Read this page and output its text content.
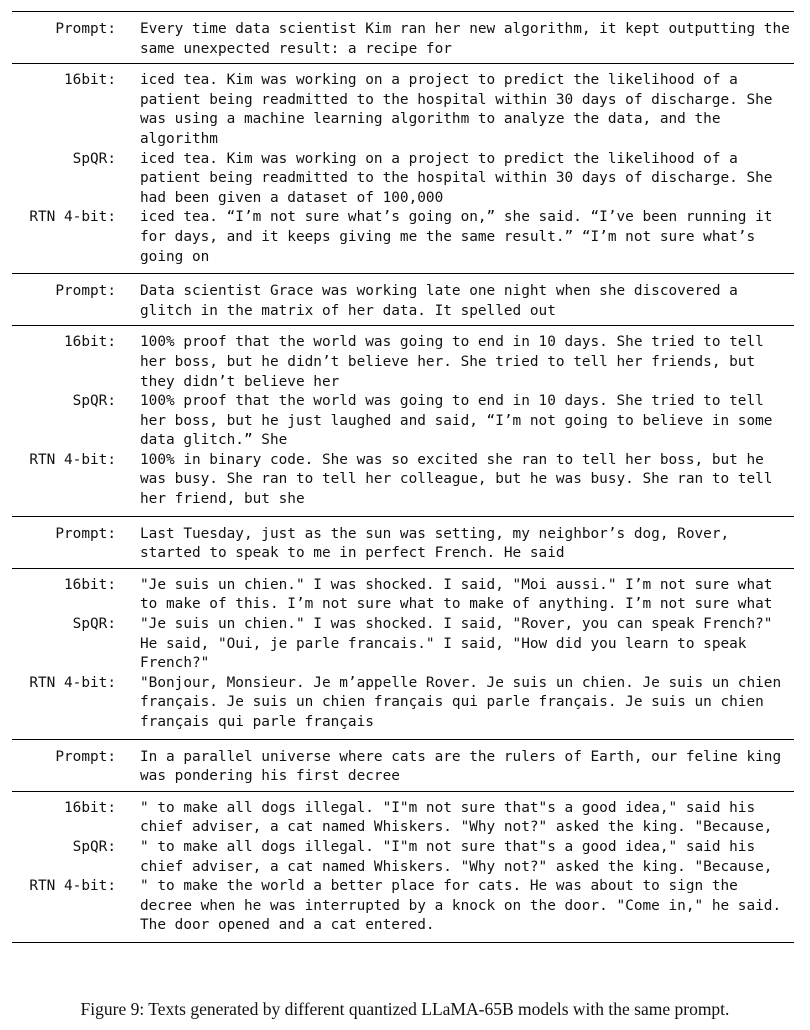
Prompt: Every time data scientist Kim ran her new algorithm, it kept outputting the same unexpected result: a recipe for
16bit: iced tea. Kim was working on a project to predict the likelihood of a patient being readmitted to the hospital within 30 days of discharge. She was using a machine learning algorithm to analyze the data, and the algorithm
SpQR: iced tea. Kim was working on a project to predict the likelihood of a patient being readmitted to the hospital within 30 days of discharge. She had been given a dataset of 100,000
RTN 4-bit: iced tea. “I’m not sure what’s going on,” she said. “I’ve been running it for days, and it keeps giving me the same result.” “I’m not sure what’s going on
Prompt: Data scientist Grace was working late one night when she discovered a glitch in the matrix of her data. It spelled out
16bit: 100% proof that the world was going to end in 10 days. She tried to tell her boss, but he didn’t believe her. She tried to tell her friends, but they didn’t believe her
SpQR: 100% proof that the world was going to end in 10 days. She tried to tell her boss, but he just laughed and said, “I’m not going to believe in some data glitch.” She
RTN 4-bit: 100% in binary code. She was so excited she ran to tell her boss, but he was busy. She ran to tell her colleague, but he was busy. She ran to tell her friend, but she
Prompt: Last Tuesday, just as the sun was setting, my neighbor’s dog, Rover, started to speak to me in perfect French. He said
16bit: "Je suis un chien." I was shocked. I said, "Moi aussi." I’m not sure what to make of this. I’m not sure what to make of anything. I’m not sure what
SpQR: "Je suis un chien." I was shocked. I said, "Rover, you can speak French?" He said, "Oui, je parle francais." I said, "How did you learn to speak French?"
RTN 4-bit: "Bonjour, Monsieur. Je m’appelle Rover. Je suis un chien. Je suis un chien français. Je suis un chien français qui parle français. Je suis un chien français qui parle français
Prompt: In a parallel universe where cats are the rulers of Earth, our feline king was pondering his first decree
16bit: " to make all dogs illegal. "I"m not sure that"s a good idea," said his chief adviser, a cat named Whiskers. "Why not?" asked the king. "Because,
SpQR: " to make all dogs illegal. "I"m not sure that"s a good idea," said his chief adviser, a cat named Whiskers. "Why not?" asked the king. "Because,
RTN 4-bit: " to make the world a better place for cats. He was about to sign the decree when he was interrupted by a knock on the door. "Come in," he said. The door opened and a cat entered.
Figure 9: Texts generated by different quantized LLaMA-65B models with the same prompt.
